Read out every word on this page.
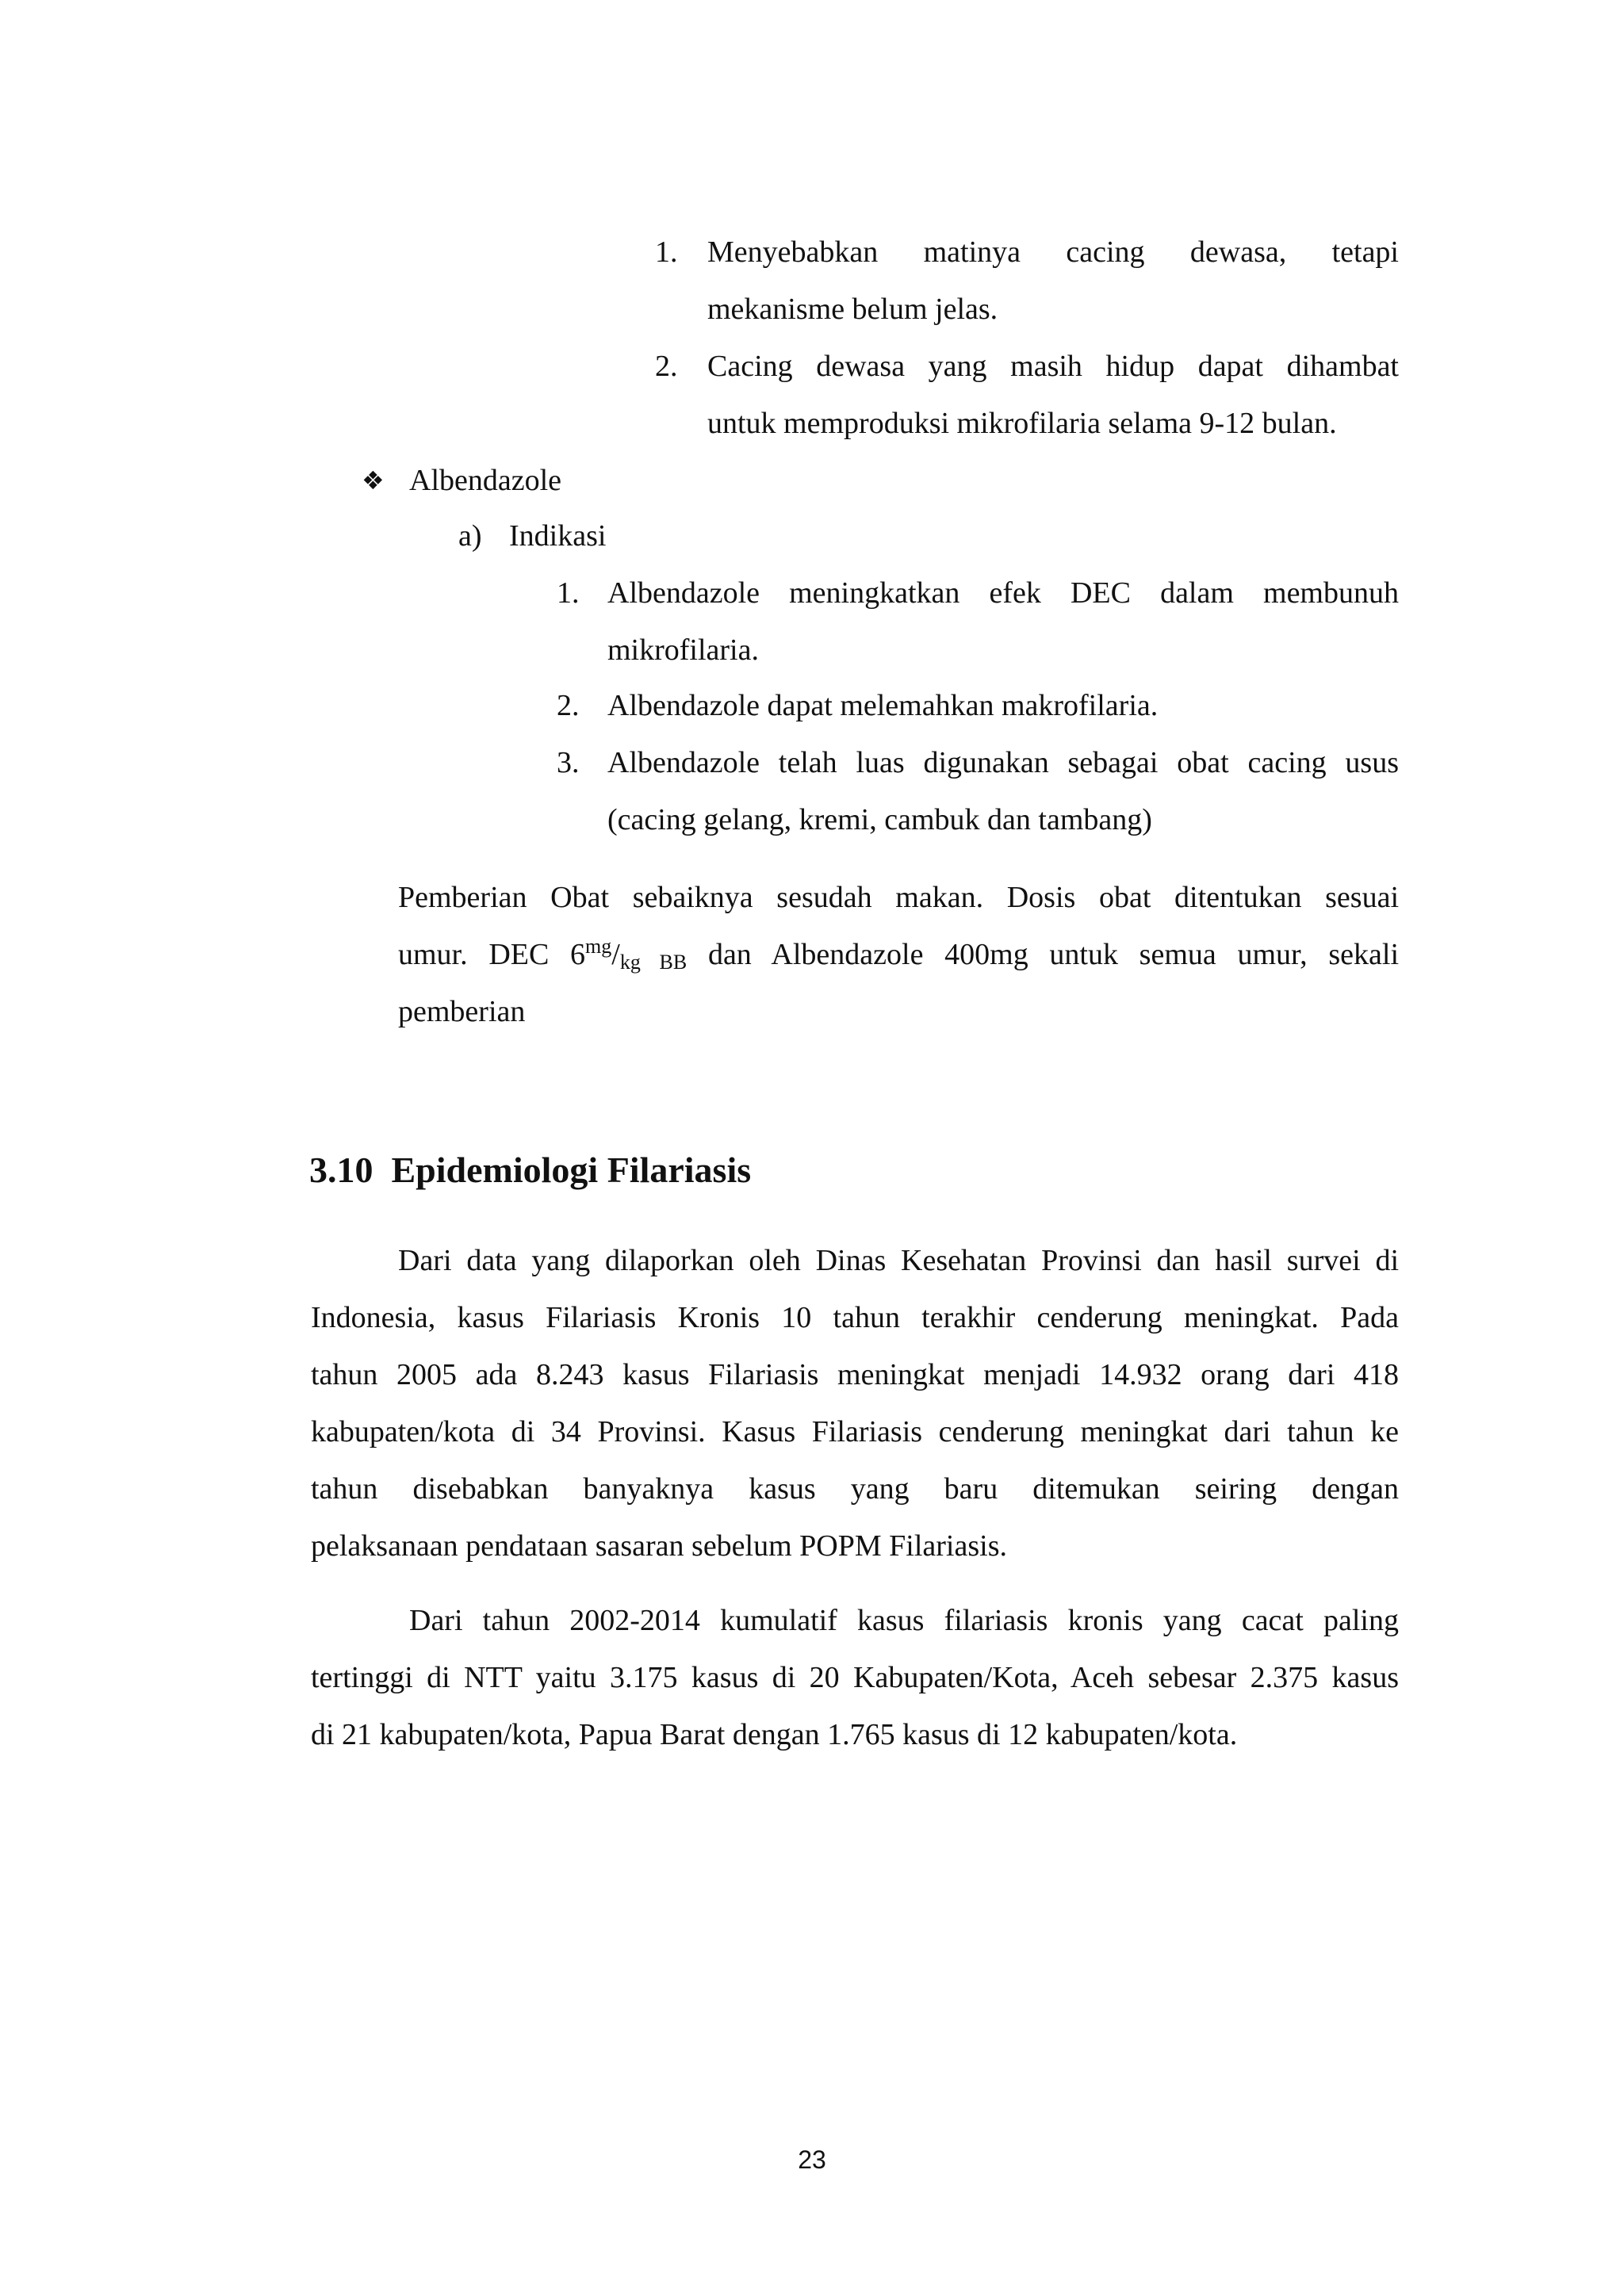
1. Menyebabkan matinya cacing dewasa, tetapi
mekanisme belum jelas.
2. Cacing dewasa yang masih hidup dapat dihambat
untuk memproduksi mikrofilaria selama 9-12 bulan.
❖ Albendazole
a) Indikasi
1. Albendazole meningkatkan efek DEC dalam membunuh
mikrofilaria.
2. Albendazole dapat melemahkan makrofilaria.
3. Albendazole telah luas digunakan sebagai obat cacing usus
(cacing gelang, kremi, cambuk dan tambang)
Pemberian Obat sebaiknya sesudah makan. Dosis obat ditentukan sesuai
umur. DEC $6^{mg}/_{kg BB}$ dan Albendazole 400mg untuk semua umur, sekali
pemberian
3.10 Epidemiologi Filariasis
Dari data yang dilaporkan oleh Dinas Kesehatan Provinsi dan hasil survei di
Indonesia, kasus Filariasis Kronis 10 tahun terakhir cenderung meningkat. Pada
tahun 2005 ada 8.243 kasus Filariasis meningkat menjadi 14.932 orang dari 418
kabupaten/kota di 34 Provinsi. Kasus Filariasis cenderung meningkat dari tahun ke
tahun disebabkan banyaknya kasus yang baru ditemukan seiring dengan
pelaksanaan pendataan sasaran sebelum POPM Filariasis.
Dari tahun 2002-2014 kumulatif kasus filariasis kronis yang cacat paling
tertinggi di NTT yaitu 3.175 kasus di 20 Kabupaten/Kota, Aceh sebesar 2.375 kasus
di 21 kabupaten/kota, Papua Barat dengan 1.765 kasus di 12 kabupaten/kota.
23
